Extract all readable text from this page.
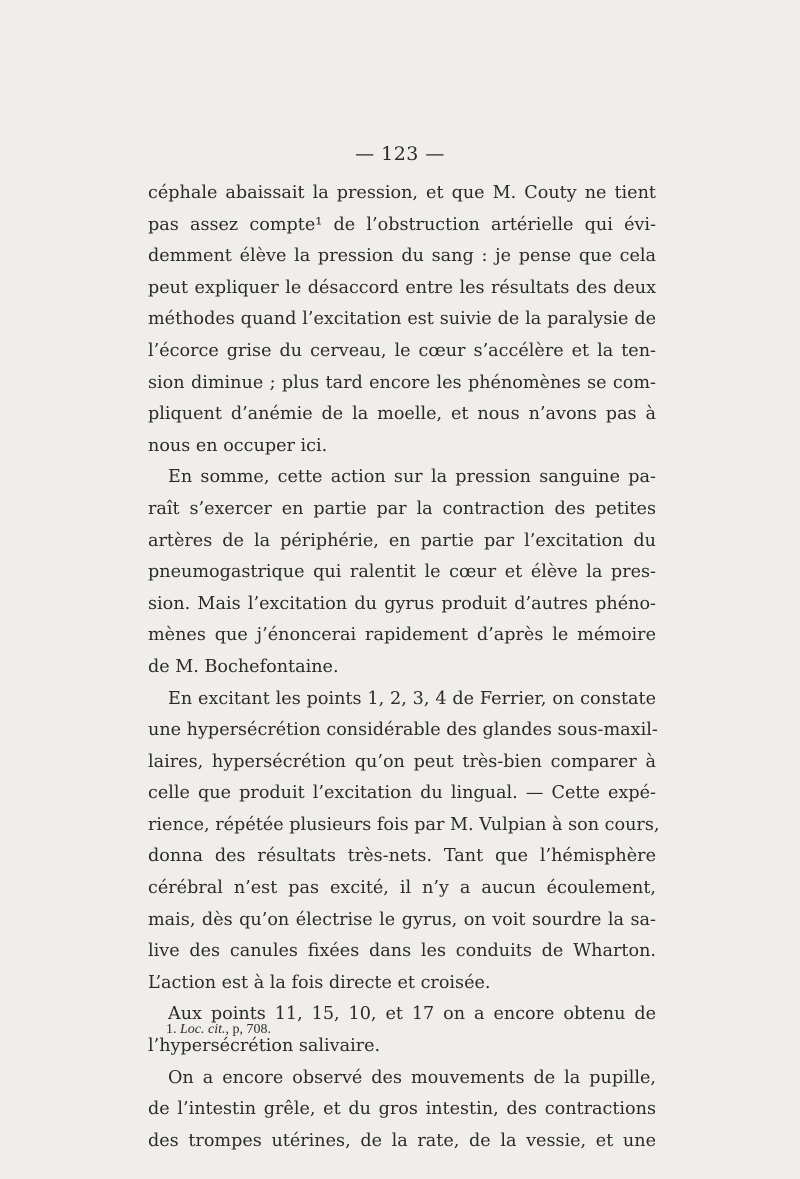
— 123 —
céphale abaissait la pression, et que M. Couty ne tient
pas assez compte¹ de l’obstruction artérielle qui évi-
demment élève la pression du sang : je pense que cela
peut expliquer le désaccord entre les résultats des deux
méthodes quand l’excitation est suivie de la paralysie de
l’écorce grise du cerveau, le cœur s’accélère et la ten-
sion diminue ; plus tard encore les phénomènes se com-
pliquent d’anémie de la moelle, et nous n’avons pas à
nous en occuper ici.
En somme, cette action sur la pression sanguine pa-
raît s’exercer en partie par la contraction des petites
artères de la périphérie, en partie par l’excitation du
pneumogastrique qui ralentit le cœur et élève la pres-
sion. Mais l’excitation du gyrus produit d’autres phéno-
mènes que j’énoncerai rapidement d’après le mémoire
de M. Bochefontaine.
En excitant les points 1, 2, 3, 4 de Ferrier, on constate
une hypersécrétion considérable des glandes sous-maxil-
laires, hypersécrétion qu’on peut très-bien comparer à
celle que produit l’excitation du lingual. — Cette expé-
rience, répétée plusieurs fois par M. Vulpian à son cours,
donna des résultats très-nets. Tant que l’hémisphère
cérébral n’est pas excité, il n’y a aucun écoulement,
mais, dès qu’on électrise le gyrus, on voit sourdre la sa-
live des canules fixées dans les conduits de Wharton.
L’action est à la fois directe et croisée.
Aux points 11, 15, 10, et 17 on a encore obtenu de
l’hypersécrétion salivaire.
On a encore observé des mouvements de la pupille,
de l’intestin grêle, et du gros intestin, des contractions
des trompes utérines, de la rate, de la vessie, et une
1. Loc. cit., p, 708.
